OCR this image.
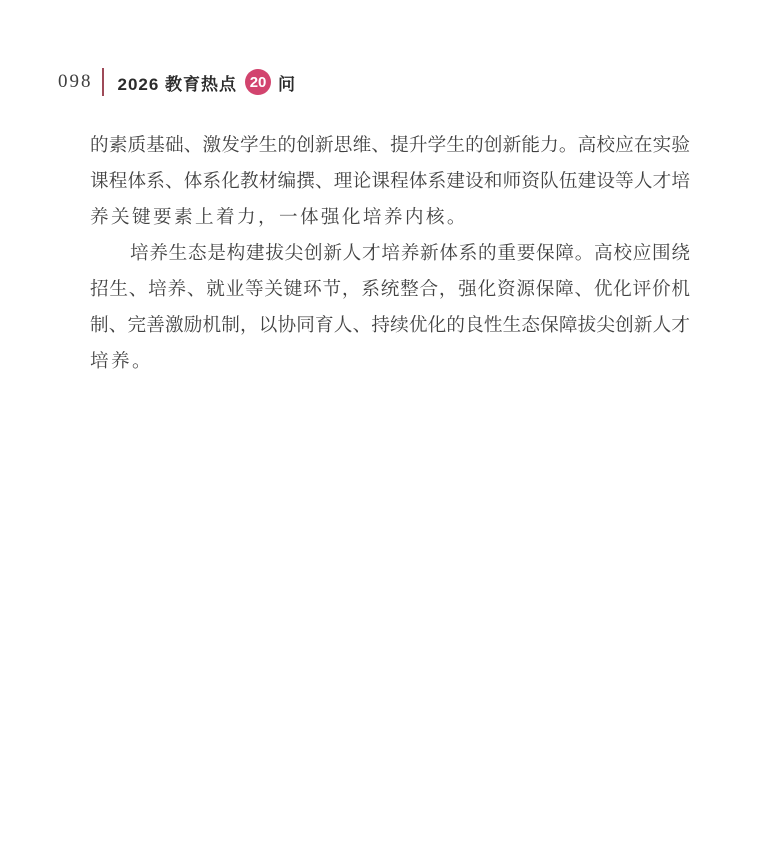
098 2026 教育热点 20 问
的素质基础、激发学生的创新思维、提升学生的创新能力。高校应在实验
课程体系、体系化教材编撰、理论课程体系建设和师资队伍建设等人才培
养关键要素上着力，一体强化培养内核。
培养生态是构建拔尖创新人才培养新体系的重要保障。高校应围绕
招生、培养、就业等关键环节，系统整合，强化资源保障、优化评价机
制、完善激励机制，以协同育人、持续优化的良性生态保障拔尖创新人才
培养。
